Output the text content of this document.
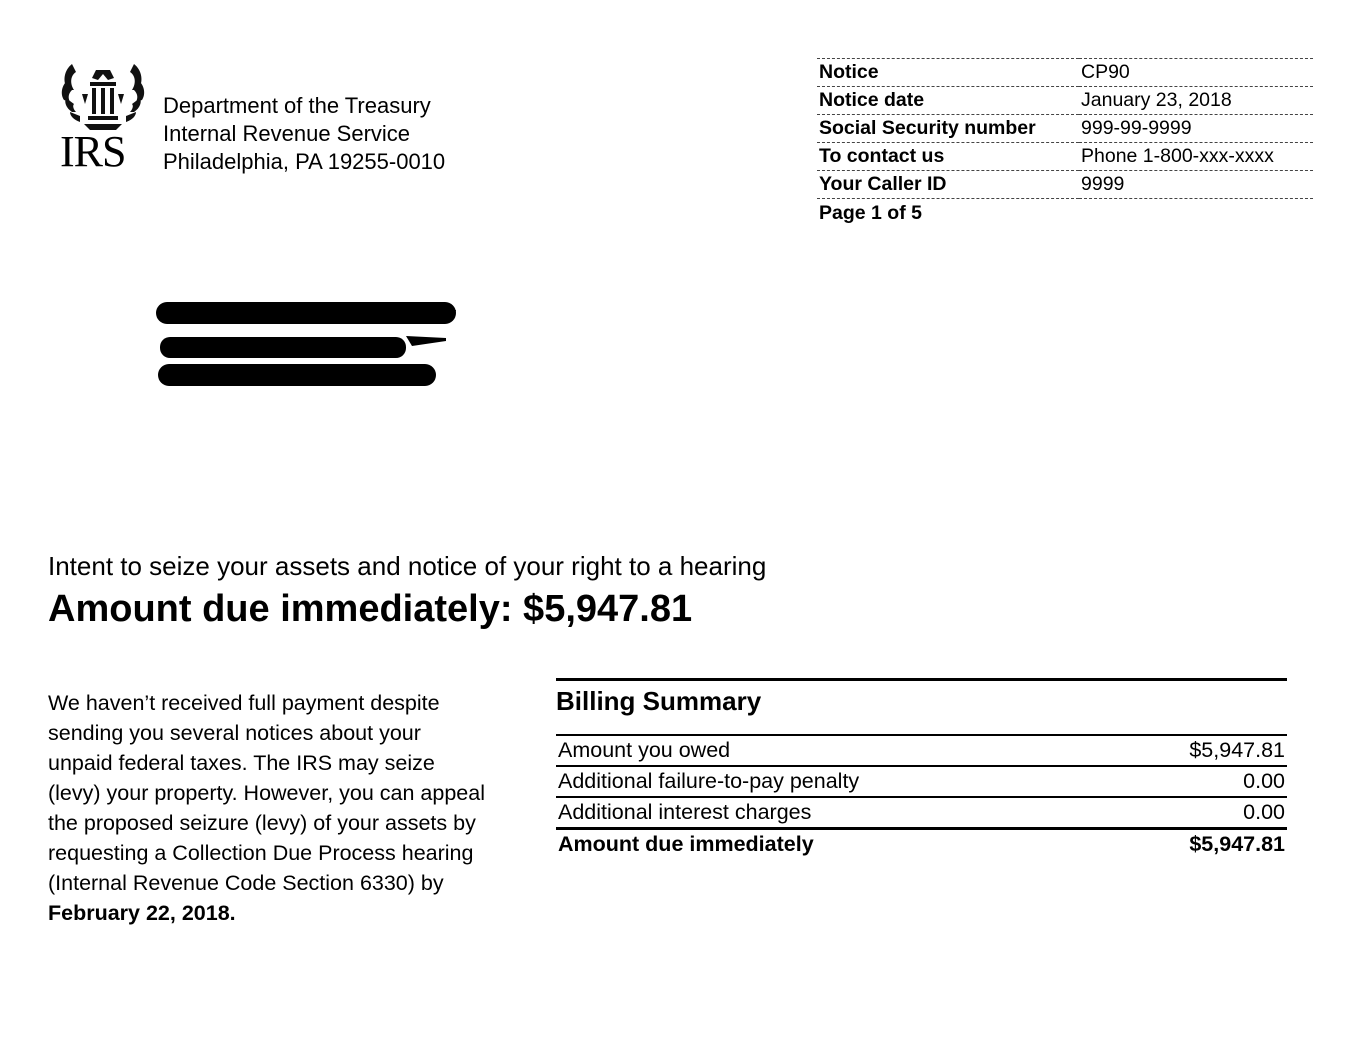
IRS
Department of the Treasury
Internal Revenue Service
Philadelphia, PA 19255-0010
Notice	CP90
Notice date	January 23, 2018
Social Security number	999-99-9999
To contact us	Phone 1-800-xxx-xxxx
Your Caller ID	9999
Page 1 of 5
Intent to seize your assets and notice of your right to a hearing
Amount due immediately: $5,947.81
We haven’t received full payment despite sending you several notices about your unpaid federal taxes. The IRS may seize (levy) your property. However, you can appeal the proposed seizure (levy) of your assets by requesting a Collection Due Process hearing (Internal Revenue Code Section 6330) by February 22, 2018.
Billing Summary
Amount you owed	$5,947.81
Additional failure-to-pay penalty	0.00
Additional interest charges	0.00
Amount due immediately	$5,947.81
